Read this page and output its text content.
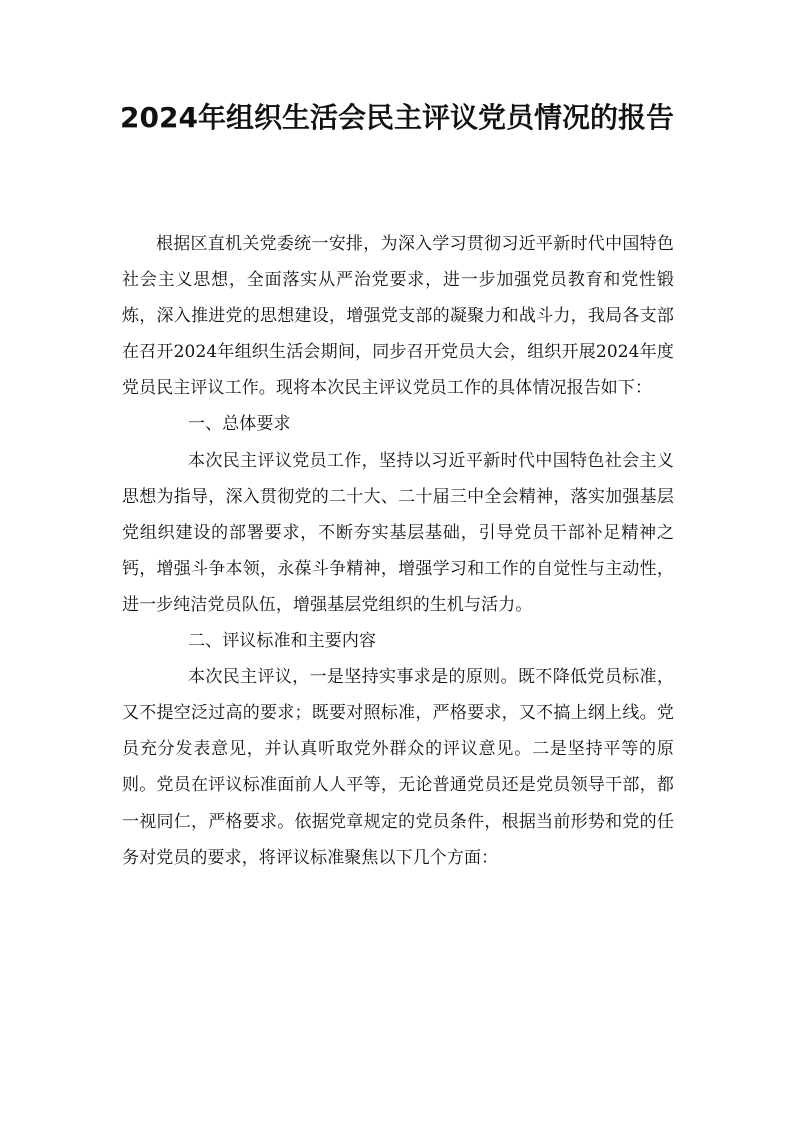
2024年组织生活会民主评议党员情况的报告

根据区直机关党委统一安排，为深入学习贯彻习近平新时代中国特色社会主义思想，全面落实从严治党要求，进一步加强党员教育和党性锻炼，深入推进党的思想建设，增强党支部的凝聚力和战斗力，我局各支部在召开2024年组织生活会期间，同步召开党员大会，组织开展2024年度党员民主评议工作。现将本次民主评议党员工作的具体情况报告如下：

一、总体要求

本次民主评议党员工作，坚持以习近平新时代中国特色社会主义思想为指导，深入贯彻党的二十大、二十届三中全会精神，落实加强基层党组织建设的部署要求，不断夯实基层基础，引导党员干部补足精神之钙，增强斗争本领，永葆斗争精神，增强学习和工作的自觉性与主动性，进一步纯洁党员队伍，增强基层党组织的生机与活力。

二、评议标准和主要内容

本次民主评议，一是坚持实事求是的原则。既不降低党员标准，又不提空泛过高的要求；既要对照标准，严格要求，又不搞上纲上线。党员充分发表意见，并认真听取党外群众的评议意见。二是坚持平等的原则。党员在评议标准面前人人平等，无论普通党员还是党员领导干部，都一视同仁，严格要求。依据党章规定的党员条件，根据当前形势和党的任务对党员的要求，将评议标准聚焦以下几个方面：
